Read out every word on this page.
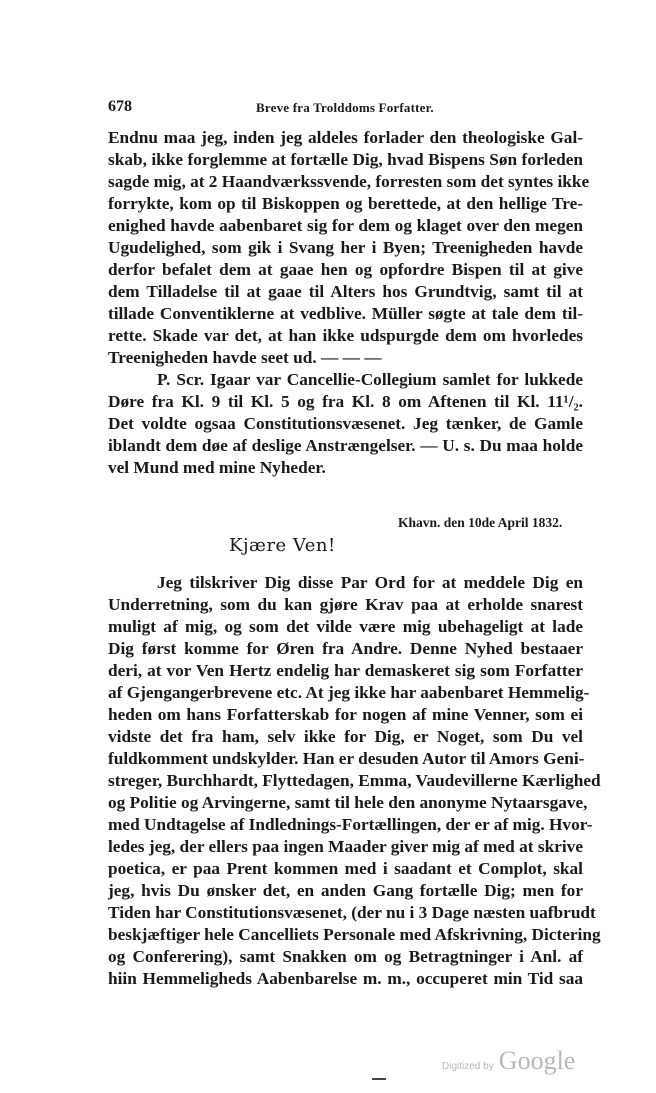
678	Breve fra Trolddoms Forfatter.
Endnu maa jeg, inden jeg aldeles forlader den theologiske Gal-
skab, ikke forglemme at fortælle Dig, hvad Bispens Søn forleden
sagde mig, at 2 Haandværkssvende, forresten som det syntes ikke
forrykte, kom op til Biskoppen og berettede, at den hellige Tre-
enighed havde aabenbaret sig for dem og klaget over den megen
Ugudelighed, som gik i Svang her i Byen; Treenigheden havde
derfor befalet dem at gaae hen og opfordre Bispen til at give
dem Tilladelse til at gaae til Alters hos Grundtvig, samt til at
tillade Conventiklerne at vedblive. Müller søgte at tale dem til-
rette. Skade var det, at han ikke udspurgde dem om hvorledes
Treenigheden havde seet ud. — — —
P. Scr. Igaar var Cancellie-Collegium samlet for lukkede
Døre fra Kl. 9 til Kl. 5 og fra Kl. 8 om Aftenen til Kl. 11¹/₂.
Det voldte ogsaa Constitutionsvæsenet. Jeg tænker, de Gamle
iblandt dem døe af deslige Anstrængelser. — U. s. Du maa holde
vel Mund med mine Nyheder.
Khavn. den 10de April 1832.
Kjære Ven!
Jeg tilskriver Dig disse Par Ord for at meddele Dig en
Underretning, som du kan gjøre Krav paa at erholde snarest
muligt af mig, og som det vilde være mig ubehageligt at lade
Dig først komme for Øren fra Andre. Denne Nyhed bestaaer
deri, at vor Ven Hertz endelig har demaskeret sig som Forfatter
af Gjengangerbrevene etc. At jeg ikke har aabenbaret Hemmelig-
heden om hans Forfatterskab for nogen af mine Venner, som ei
vidste det fra ham, selv ikke for Dig, er Noget, som Du vel
fuldkomment undskylder. Han er desuden Autor til Amors Geni-
streger, Burchhardt, Flyttedagen, Emma, Vaudevillerne Kærlighed
og Politie og Arvingerne, samt til hele den anonyme Nytaarsgave,
med Undtagelse af Indlednings-Fortællingen, der er af mig. Hvor-
ledes jeg, der ellers paa ingen Maader giver mig af med at skrive
poetica, er paa Prent kommen med i saadant et Complot, skal
jeg, hvis Du ønsker det, en anden Gang fortælle Dig; men for
Tiden har Constitutionsvæsenet, (der nu i 3 Dage næsten uafbrudt
beskjæftiger hele Cancelliets Personale med Afskrivning, Dictering
og Conferering), samt Snakken om og Betragtninger i Anl. af
hiin Hemmeligheds Aabenbarelse m. m., occuperet min Tid saa
Digitized by Google
